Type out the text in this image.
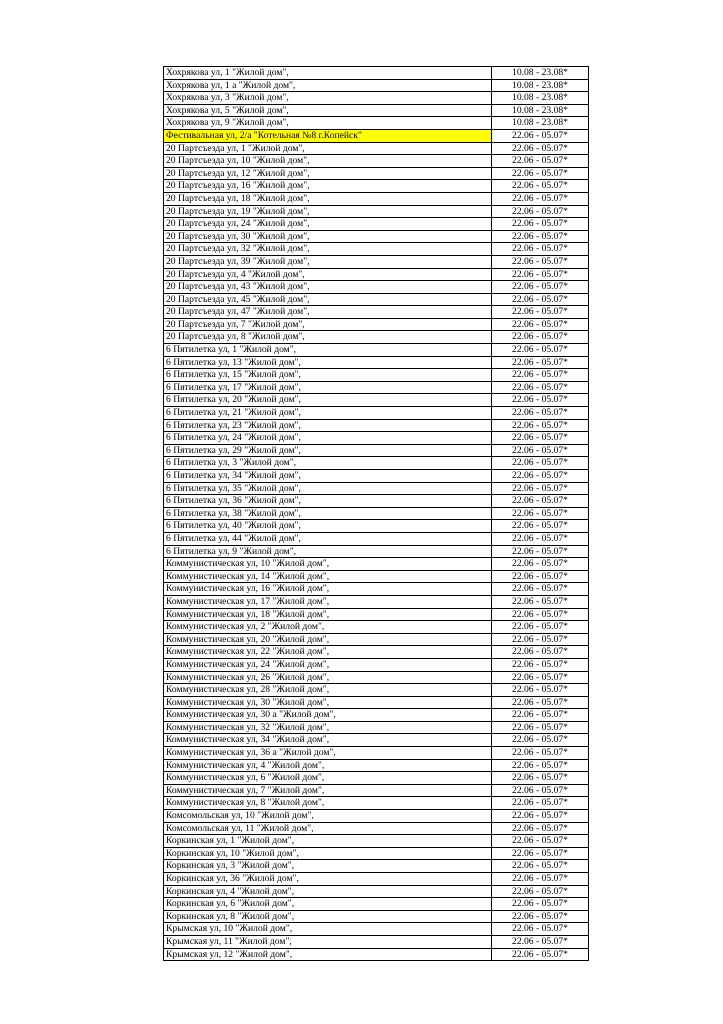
Хохрякова ул, 1 "Жилой дом",	10.08 - 23.08*
Хохрякова ул, 1 а "Жилой дом",	10.08 - 23.08*
Хохрякова ул, 3 "Жилой дом",	10.08 - 23.08*
Хохрякова ул, 5 "Жилой дом",	10.08 - 23.08*
Хохрякова ул, 9 "Жилой дом",	10.08 - 23.08*
Фестивальная ул, 2/а "Котельная №8 г.Копейск"	22.06 - 05.07*
20 Партсъезда ул, 1 "Жилой дом",	22.06 - 05.07*
20 Партсъезда ул, 10 "Жилой дом",	22.06 - 05.07*
20 Партсъезда ул, 12 "Жилой дом",	22.06 - 05.07*
20 Партсъезда ул, 16 "Жилой дом",	22.06 - 05.07*
20 Партсъезда ул, 18 "Жилой дом",	22.06 - 05.07*
20 Партсъезда ул, 19 "Жилой дом",	22.06 - 05.07*
20 Партсъезда ул, 24 "Жилой дом",	22.06 - 05.07*
20 Партсъезда ул, 30 "Жилой дом",	22.06 - 05.07*
20 Партсъезда ул, 32 "Жилой дом",	22.06 - 05.07*
20 Партсъезда ул, 39 "Жилой дом",	22.06 - 05.07*
20 Партсъезда ул, 4 "Жилой дом",	22.06 - 05.07*
20 Партсъезда ул, 43 "Жилой дом",	22.06 - 05.07*
20 Партсъезда ул, 45 "Жилой дом",	22.06 - 05.07*
20 Партсъезда ул, 47 "Жилой дом",	22.06 - 05.07*
20 Партсъезда ул, 7 "Жилой дом",	22.06 - 05.07*
20 Партсъезда ул, 8 "Жилой дом",	22.06 - 05.07*
6 Пятилетка ул, 1 "Жилой дом",	22.06 - 05.07*
6 Пятилетка ул, 13 "Жилой дом",	22.06 - 05.07*
6 Пятилетка ул, 15 "Жилой дом",	22.06 - 05.07*
6 Пятилетка ул, 17 "Жилой дом",	22.06 - 05.07*
6 Пятилетка ул, 20 "Жилой дом",	22.06 - 05.07*
6 Пятилетка ул, 21 "Жилой дом",	22.06 - 05.07*
6 Пятилетка ул, 23 "Жилой дом",	22.06 - 05.07*
6 Пятилетка ул, 24 "Жилой дом",	22.06 - 05.07*
6 Пятилетка ул, 29 "Жилой дом",	22.06 - 05.07*
6 Пятилетка ул, 3 "Жилой дом",	22.06 - 05.07*
6 Пятилетка ул, 34 "Жилой дом",	22.06 - 05.07*
6 Пятилетка ул, 35 "Жилой дом",	22.06 - 05.07*
6 Пятилетка ул, 36 "Жилой дом",	22.06 - 05.07*
6 Пятилетка ул, 38 "Жилой дом",	22.06 - 05.07*
6 Пятилетка ул, 40 "Жилой дом",	22.06 - 05.07*
6 Пятилетка ул, 44 "Жилой дом",	22.06 - 05.07*
6 Пятилетка ул, 9 "Жилой дом",	22.06 - 05.07*
Коммунистическая ул, 10 "Жилой дом",	22.06 - 05.07*
Коммунистическая ул, 14 "Жилой дом",	22.06 - 05.07*
Коммунистическая ул, 16 "Жилой дом",	22.06 - 05.07*
Коммунистическая ул, 17 "Жилой дом",	22.06 - 05.07*
Коммунистическая ул, 18 "Жилой дом",	22.06 - 05.07*
Коммунистическая ул, 2 "Жилой дом",	22.06 - 05.07*
Коммунистическая ул, 20 "Жилой дом",	22.06 - 05.07*
Коммунистическая ул, 22 "Жилой дом",	22.06 - 05.07*
Коммунистическая ул, 24 "Жилой дом",	22.06 - 05.07*
Коммунистическая ул, 26 "Жилой дом",	22.06 - 05.07*
Коммунистическая ул, 28 "Жилой дом",	22.06 - 05.07*
Коммунистическая ул, 30 "Жилой дом",	22.06 - 05.07*
Коммунистическая ул, 30 а "Жилой дом",	22.06 - 05.07*
Коммунистическая ул, 32 "Жилой дом",	22.06 - 05.07*
Коммунистическая ул, 34 "Жилой дом",	22.06 - 05.07*
Коммунистическая ул, 36 а "Жилой дом",	22.06 - 05.07*
Коммунистическая ул, 4 "Жилой дом",	22.06 - 05.07*
Коммунистическая ул, 6 "Жилой дом",	22.06 - 05.07*
Коммунистическая ул, 7 "Жилой дом",	22.06 - 05.07*
Коммунистическая ул, 8 "Жилой дом",	22.06 - 05.07*
Комсомольская ул, 10 "Жилой дом",	22.06 - 05.07*
Комсомольская ул, 11 "Жилой дом",	22.06 - 05.07*
Коркинская ул, 1 "Жилой дом",	22.06 - 05.07*
Коркинская ул, 10 "Жилой дом",	22.06 - 05.07*
Коркинская ул, 3 "Жилой дом",	22.06 - 05.07*
Коркинская ул, 36 "Жилой дом",	22.06 - 05.07*
Коркинская ул, 4 "Жилой дом",	22.06 - 05.07*
Коркинская ул, 6 "Жилой дом",	22.06 - 05.07*
Коркинская ул, 8 "Жилой дом",	22.06 - 05.07*
Крымская ул, 10 "Жилой дом",	22.06 - 05.07*
Крымская ул, 11 "Жилой дом",	22.06 - 05.07*
Крымская ул, 12 "Жилой дом",	22.06 - 05.07*
